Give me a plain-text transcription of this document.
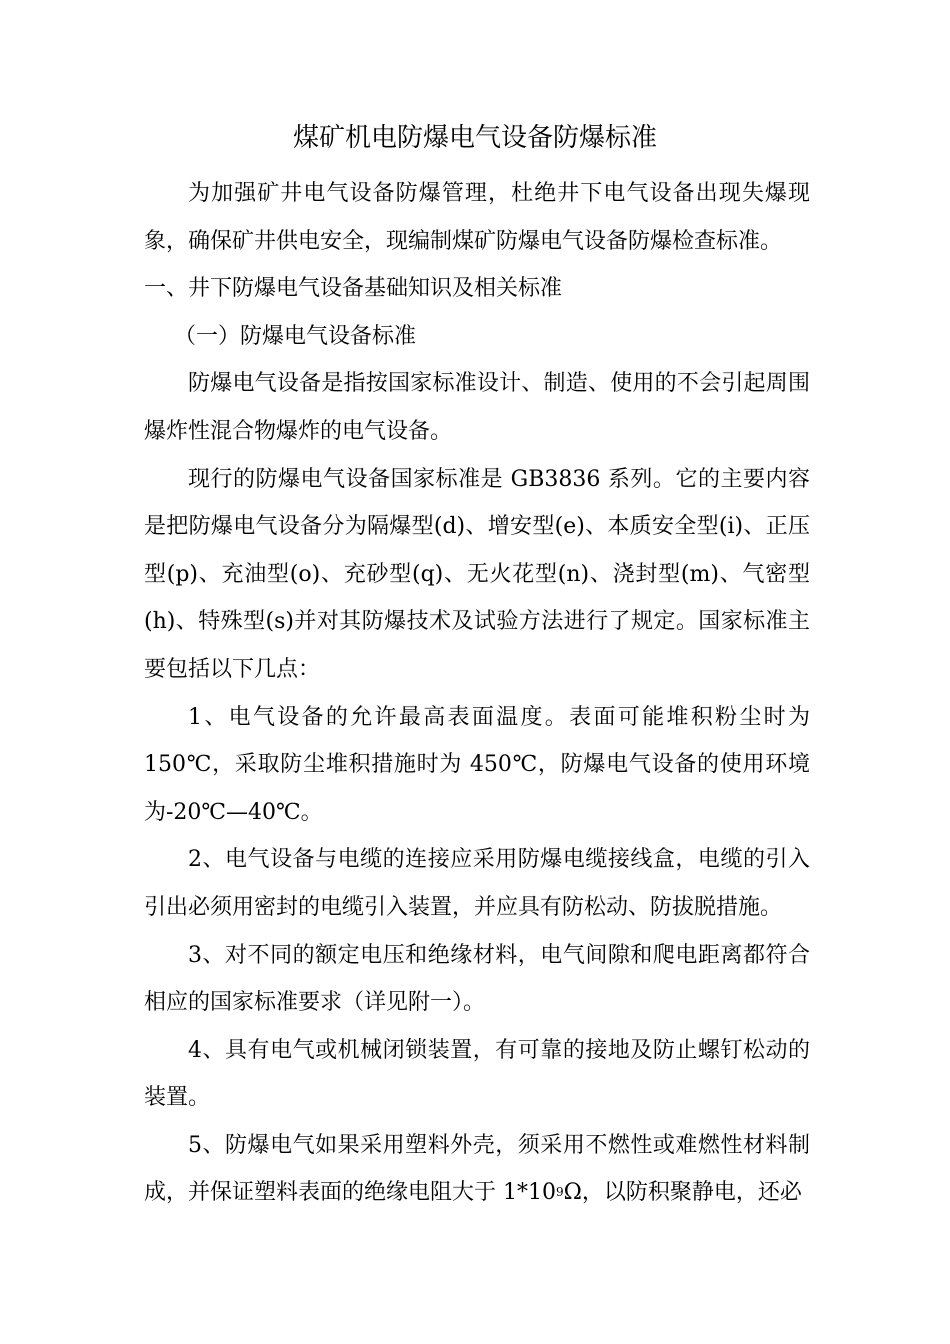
煤矿机电防爆电气设备防爆标准

为加强矿井电气设备防爆管理，杜绝井下电气设备出现失爆现象，确保矿井供电安全，现编制煤矿防爆电气设备防爆检查标准。

一、井下防爆电气设备基础知识及相关标准

（一）防爆电气设备标准

防爆电气设备是指按国家标准设计、制造、使用的不会引起周围爆炸性混合物爆炸的电气设备。

现行的防爆电气设备国家标准是 GB3836 系列。它的主要内容是把防爆电气设备分为隔爆型(d)、增安型(e)、本质安全型(i)、正压型(p)、充油型(o)、充砂型(q)、无火花型(n)、浇封型(m)、气密型(h)、特殊型(s)并对其防爆技术及试验方法进行了规定。国家标准主要包括以下几点：

1、电气设备的允许最高表面温度。表面可能堆积粉尘时为 150℃，采取防尘堆积措施时为 450℃，防爆电气设备的使用环境为-20℃—40℃。

2、电气设备与电缆的连接应采用防爆电缆接线盒，电缆的引入引出必须用密封的电缆引入装置，并应具有防松动、防拔脱措施。

3、对不同的额定电压和绝缘材料，电气间隙和爬电距离都符合相应的国家标准要求（详见附一）。

4、具有电气或机械闭锁装置，有可靠的接地及防止螺钉松动的装置。

5、防爆电气如果采用塑料外壳，须采用不燃性或难燃性材料制成，并保证塑料表面的绝缘电阻大于 $1*10^9\Omega$，以防积聚静电，还必
